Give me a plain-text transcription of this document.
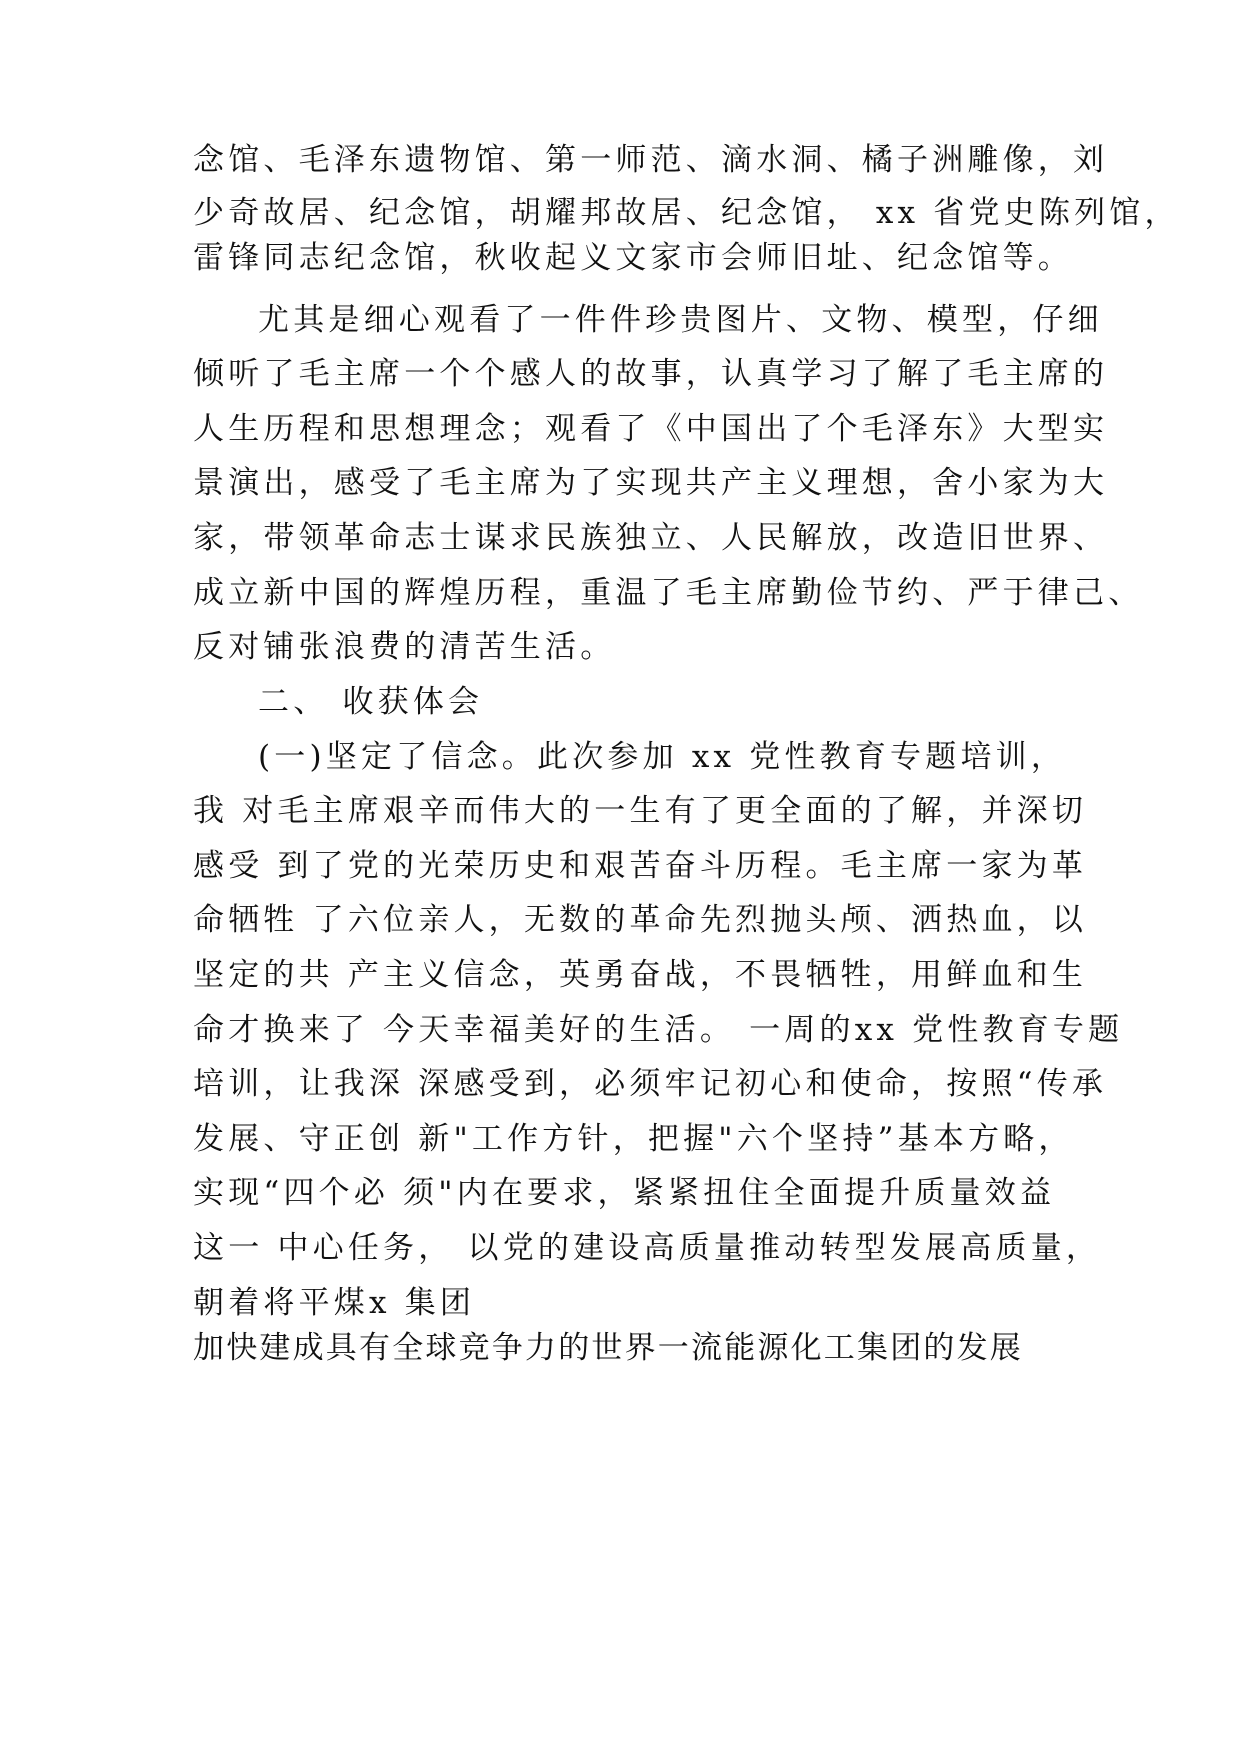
念馆、毛泽东遗物馆、第一师范、滴水洞、橘子洲雕像，刘
少奇故居、纪念馆，胡耀邦故居、纪念馆， xx 省党史陈列馆，
雷锋同志纪念馆，秋收起义文家市会师旧址、纪念馆等。
尤其是细心观看了一件件珍贵图片、文物、模型，仔细
倾听了毛主席一个个感人的故事，认真学习了解了毛主席的
人生历程和思想理念；观看了《中国出了个毛泽东》大型实
景演出，感受了毛主席为了实现共产主义理想，舍小家为大
家，带领革命志士谋求民族独立、人民解放，改造旧世界、
成立新中国的辉煌历程，重温了毛主席勤俭节约、严于律己、
反对铺张浪费的清苦生活。
二、 收获体会
(一)坚定了信念。此次参加 xx 党性教育专题培训，
我 对毛主席艰辛而伟大的一生有了更全面的了解，并深切
感受 到了党的光荣历史和艰苦奋斗历程。毛主席一家为革
命牺牲 了六位亲人，无数的革命先烈抛头颅、洒热血，以
坚定的共 产主义信念，英勇奋战，不畏牺牲，用鲜血和生
命才换来了 今天幸福美好的生活。 一周的xx 党性教育专题
培训，让我深 深感受到，必须牢记初心和使命，按照“传承
发展、守正创 新"工作方针，把握"六个坚持”基本方略，
实现“四个必 须"内在要求，紧紧扭住全面提升质量效益
这一 中心任务， 以党的建设高质量推动转型发展高质量，
朝着将平煤x 集团
加快建成具有全球竞争力的世界一流能源化工集团的发展
